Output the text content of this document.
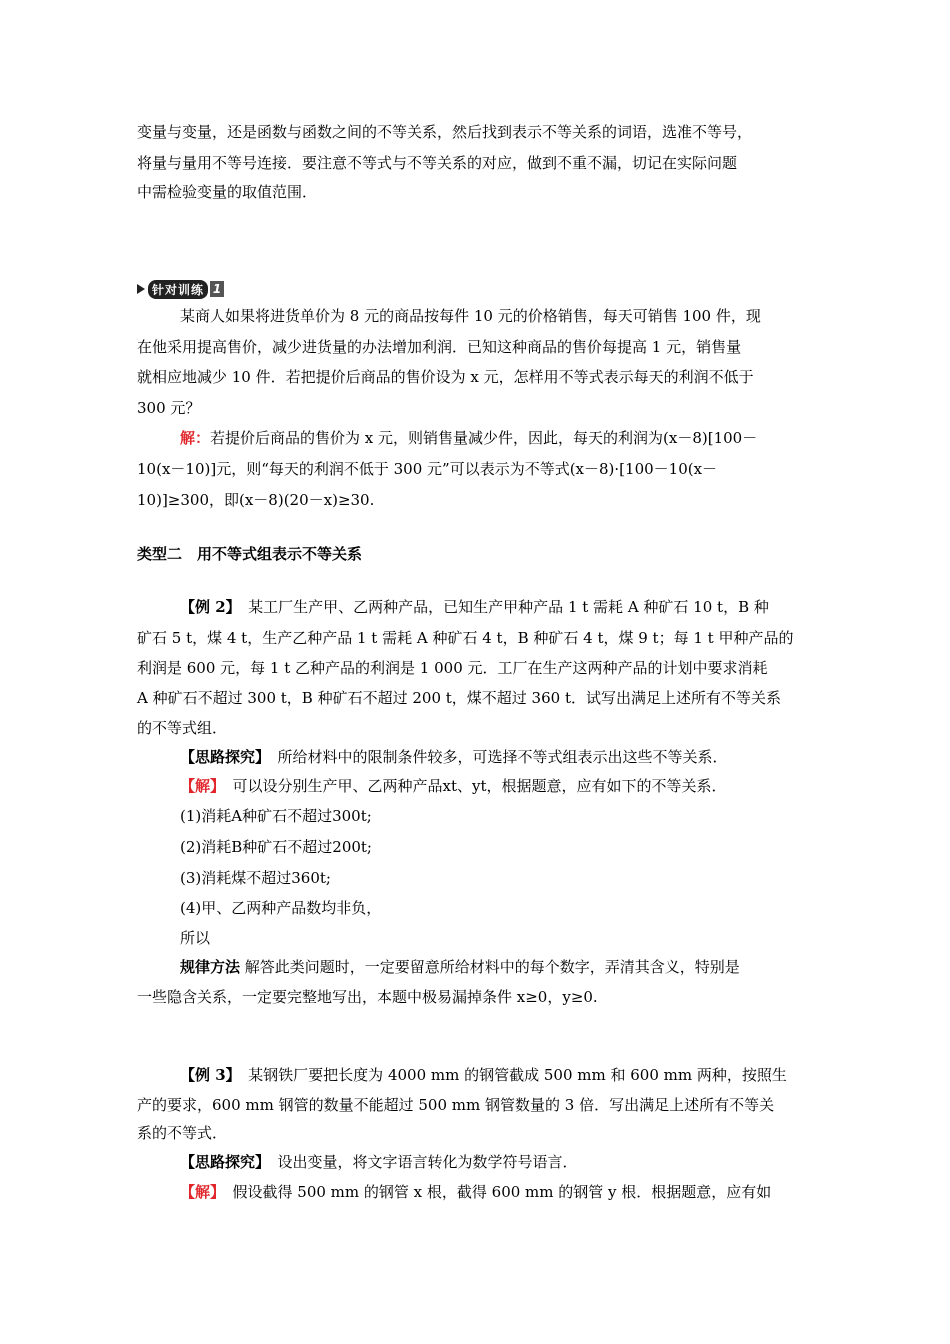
变量与变量，还是函数与函数之间的不等关系，然后找到表示不等关系的词语，选准不等号，
将量与量用不等号连接．要注意不等式与不等关系的对应，做到不重不漏，切记在实际问题
中需检验变量的取值范围．
针对训练 1
某商人如果将进货单价为 8 元的商品按每件 10 元的价格销售，每天可销售 100 件，现
在他采用提高售价，减少进货量的办法增加利润．已知这种商品的售价每提高 1 元，销售量
就相应地减少 10 件．若把提价后商品的售价设为 x 元，怎样用不等式表示每天的利润不低于
300 元？
解：若提价后商品的售价为 x 元，则销售量减少件，因此，每天的利润为(x－8)[100－
10(x－10)]元，则“每天的利润不低于 300 元”可以表示为不等式(x－8)·[100－10(x－
10)]≥300，即(x－8)(20－x)≥30.
类型二　用不等式组表示不等关系
【例 2】　某工厂生产甲、乙两种产品，已知生产甲种产品 1 t 需耗 A 种矿石 10 t，B 种
矿石 5 t，煤 4 t，生产乙种产品 1 t 需耗 A 种矿石 4 t，B 种矿石 4 t，煤 9 t；每 1 t 甲种产品的
利润是 600 元，每 1 t 乙种产品的利润是 1 000 元．工厂在生产这两种产品的计划中要求消耗
A 种矿石不超过 300 t，B 种矿石不超过 200 t，煤不超过 360 t．试写出满足上述所有不等关系
的不等式组．
【思路探究】　所给材料中的限制条件较多，可选择不等式组表示出这些不等关系．
【解】　可以设分别生产甲、乙两种产品xt、yt，根据题意，应有如下的不等关系．
(1)消耗A种矿石不超过300t;
(2)消耗B种矿石不超过200t;
(3)消耗煤不超过360t;
(4)甲、乙两种产品数均非负，
所以
规律方法 解答此类问题时，一定要留意所给材料中的每个数字，弄清其含义，特别是
一些隐含关系，一定要完整地写出，本题中极易漏掉条件 x≥0，y≥0.
【例 3】　某钢铁厂要把长度为 4000 mm 的钢管截成 500 mm 和 600 mm 两种，按照生
产的要求，600 mm 钢管的数量不能超过 500 mm 钢管数量的 3 倍．写出满足上述所有不等关
系的不等式．
【思路探究】　设出变量，将文字语言转化为数学符号语言．
【解】　假设截得 500 mm 的钢管 x 根，截得 600 mm 的钢管 y 根．根据题意，应有如
